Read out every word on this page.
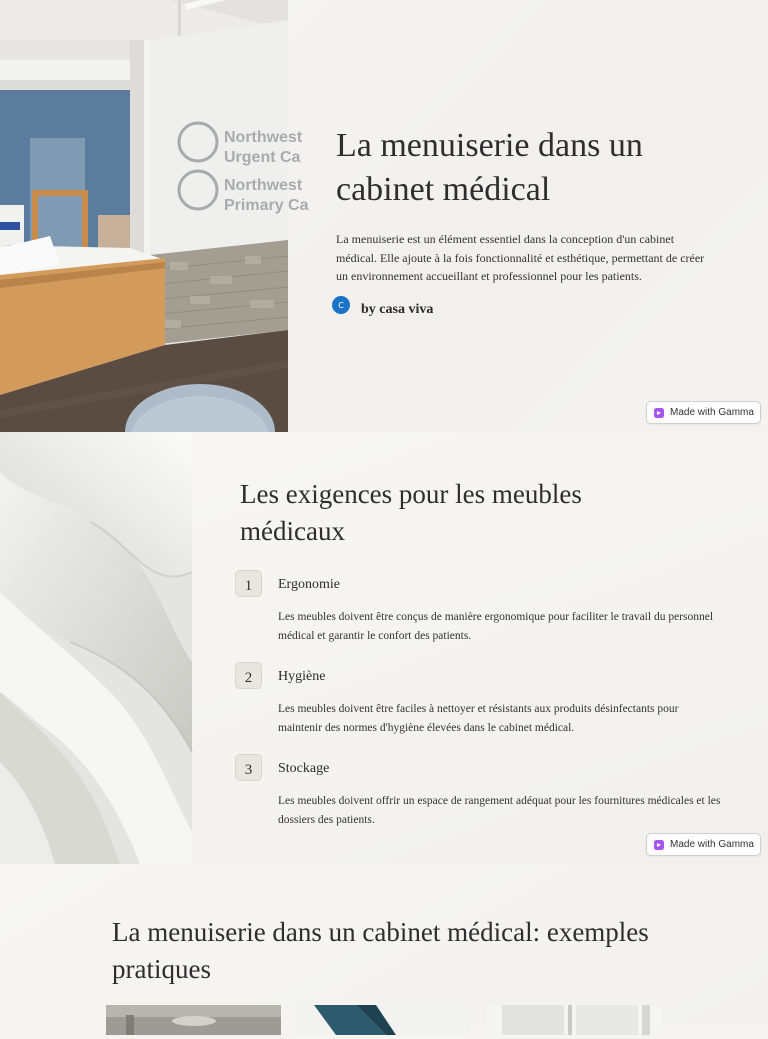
Northwest
Urgent Ca
Northwest
Primary Ca
La menuiserie dans un cabinet médical

La menuiserie est un élément essentiel dans la conception d'un cabinet médical. Elle ajoute à la fois fonctionnalité et esthétique, permettant de créer un environnement accueillant et professionnel pour les patients.

C	by casa viva
Made with Gamma
Les exigences pour les meubles médicaux
1	Ergonomie
Les meubles doivent être conçus de manière ergonomique pour faciliter le travail du personnel médical et garantir le confort des patients.
2	Hygiène
Les meubles doivent être faciles à nettoyer et résistants aux produits désinfectants pour maintenir des normes d'hygiène élevées dans le cabinet médical.
3	Stockage
Les meubles doivent offrir un espace de rangement adéquat pour les fournitures médicales et les dossiers des patients.
Made with Gamma
La menuiserie dans un cabinet médical: exemples pratiques
